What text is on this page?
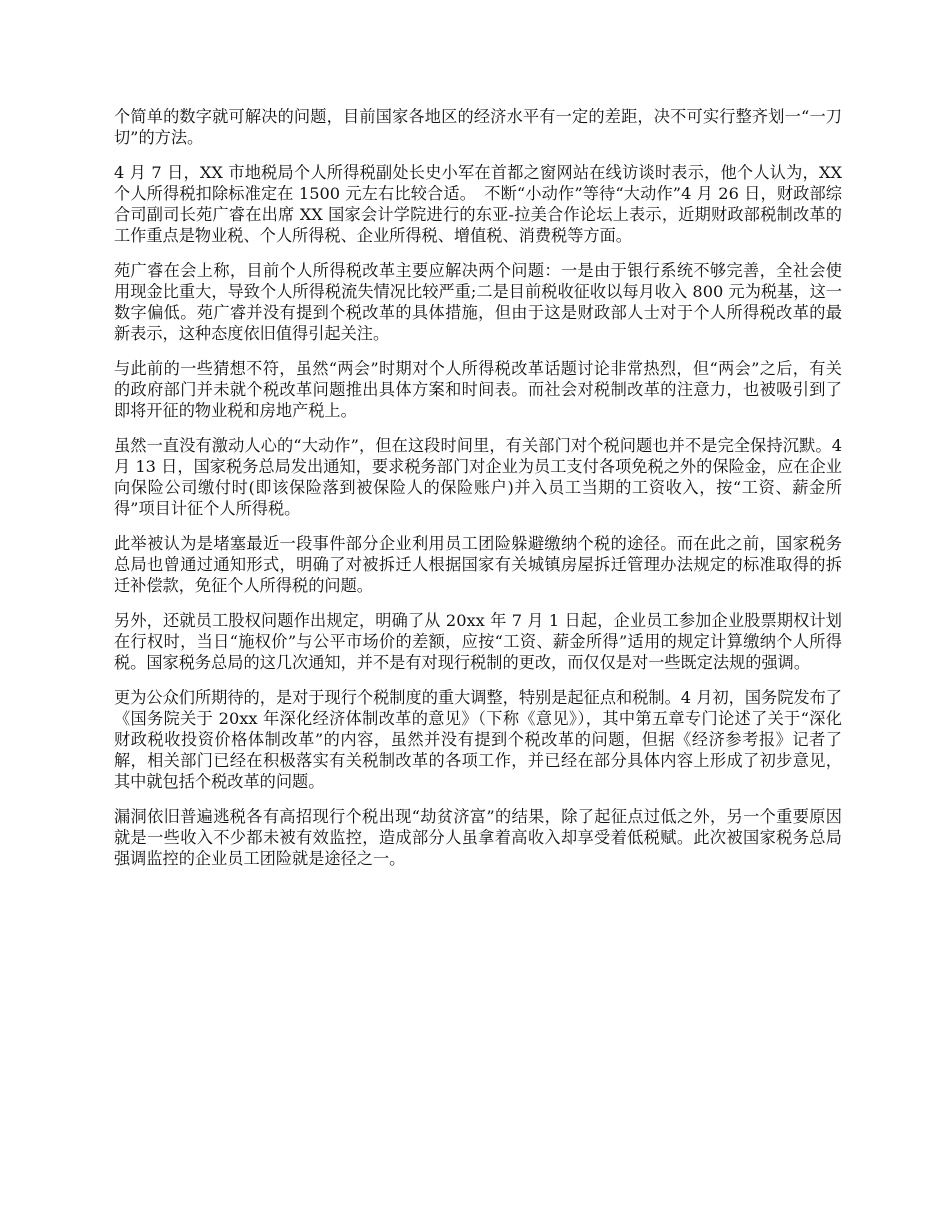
个简单的数字就可解决的问题，目前国家各地区的经济水平有一定的差距，决不可实行整齐划一“一刀切”的方法。

4 月 7 日，XX 市地税局个人所得税副处长史小军在首都之窗网站在线访谈时表示，他个人认为，XX 个人所得税扣除标准定在 1500 元左右比较合适。　不断“小动作”等待“大动作”4 月 26 日，财政部综合司副司长苑广睿在出席 XX 国家会计学院进行的东亚-拉美合作论坛上表示，近期财政部税制改革的工作重点是物业税、个人所得税、企业所得税、增值税、消费税等方面。

苑广睿在会上称，目前个人所得税改革主要应解决两个问题：一是由于银行系统不够完善，全社会使用现金比重大，导致个人所得税流失情况比较严重;二是目前税收征收以每月收入 800 元为税基，这一数字偏低。苑广睿并没有提到个税改革的具体措施，但由于这是财政部人士对于个人所得税改革的最新表示，这种态度依旧值得引起关注。

与此前的一些猜想不符，虽然“两会”时期对个人所得税改革话题讨论非常热烈，但“两会”之后，有关的政府部门并未就个税改革问题推出具体方案和时间表。而社会对税制改革的注意力，也被吸引到了即将开征的物业税和房地产税上。

虽然一直没有激动人心的“大动作”，但在这段时间里，有关部门对个税问题也并不是完全保持沉默。4 月 13 日，国家税务总局发出通知，要求税务部门对企业为员工支付各项免税之外的保险金，应在企业向保险公司缴付时(即该保险落到被保险人的保险账户)并入员工当期的工资收入，按“工资、薪金所得”项目计征个人所得税。

此举被认为是堵塞最近一段事件部分企业利用员工团险躲避缴纳个税的途径。而在此之前，国家税务总局也曾通过通知形式，明确了对被拆迁人根据国家有关城镇房屋拆迁管理办法规定的标准取得的拆迁补偿款，免征个人所得税的问题。

另外，还就员工股权问题作出规定，明确了从 20xx 年 7 月 1 日起，企业员工参加企业股票期权计划在行权时，当日“施权价”与公平市场价的差额，应按“工资、薪金所得”适用的规定计算缴纳个人所得税。国家税务总局的这几次通知，并不是有对现行税制的更改，而仅仅是对一些既定法规的强调。

更为公众们所期待的，是对于现行个税制度的重大调整，特别是起征点和税制。4 月初，国务院发布了《国务院关于 20xx 年深化经济体制改革的意见》（下称《意见》），其中第五章专门论述了关于“深化财政税收投资价格体制改革”的内容，虽然并没有提到个税改革的问题，但据《经济参考报》记者了解，相关部门已经在积极落实有关税制改革的各项工作，并已经在部分具体内容上形成了初步意见，其中就包括个税改革的问题。

漏洞依旧普遍逃税各有高招现行个税出现“劫贫济富”的结果，除了起征点过低之外，另一个重要原因就是一些收入不少都未被有效监控，造成部分人虽拿着高收入却享受着低税赋。此次被国家税务总局强调监控的企业员工团险就是途径之一。
